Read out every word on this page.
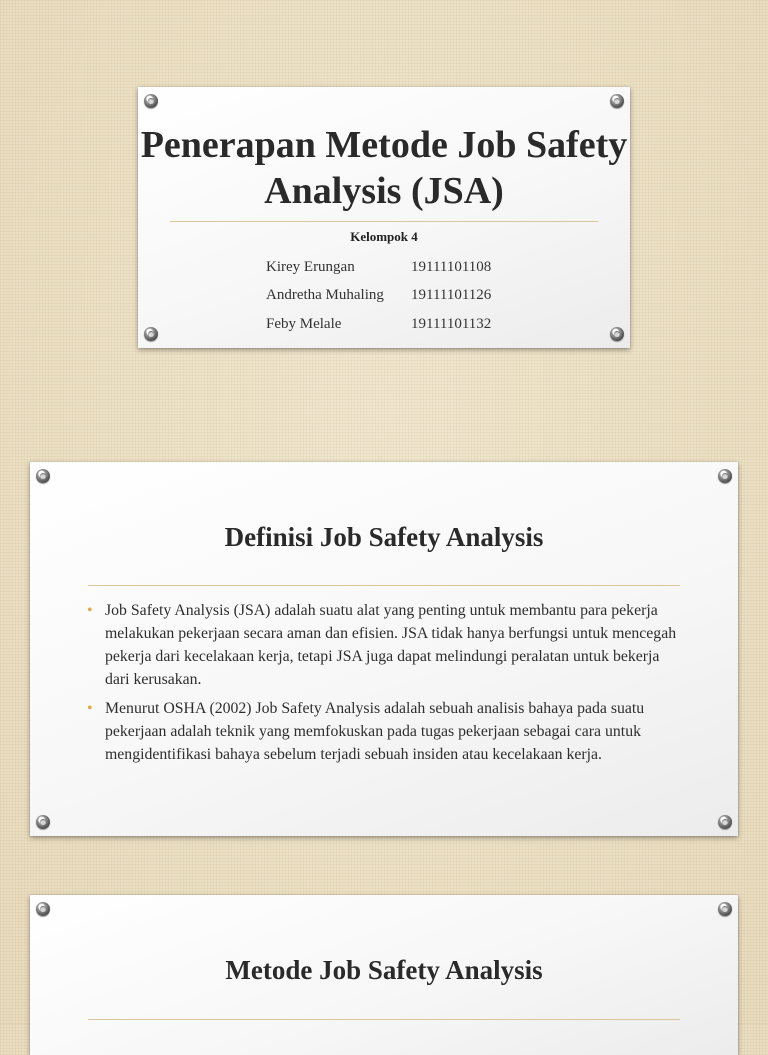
Penerapan Metode Job Safety Analysis (JSA)
Kelompok 4
Kirey Erungan	19111101108
Andretha Muhaling	19111101126
Feby Melale	19111101132
Definisi Job Safety Analysis
• Job Safety Analysis (JSA) adalah suatu alat yang penting untuk membantu para pekerja melakukan pekerjaan secara aman dan efisien. JSA tidak hanya berfungsi untuk mencegah pekerja dari kecelakaan kerja, tetapi JSA juga dapat melindungi peralatan untuk bekerja dari kerusakan.
• Menurut OSHA (2002) Job Safety Analysis adalah sebuah analisis bahaya pada suatu pekerjaan adalah teknik yang memfokuskan pada tugas pekerjaan sebagai cara untuk mengidentifikasi bahaya sebelum terjadi sebuah insiden atau kecelakaan kerja.
Metode Job Safety Analysis
